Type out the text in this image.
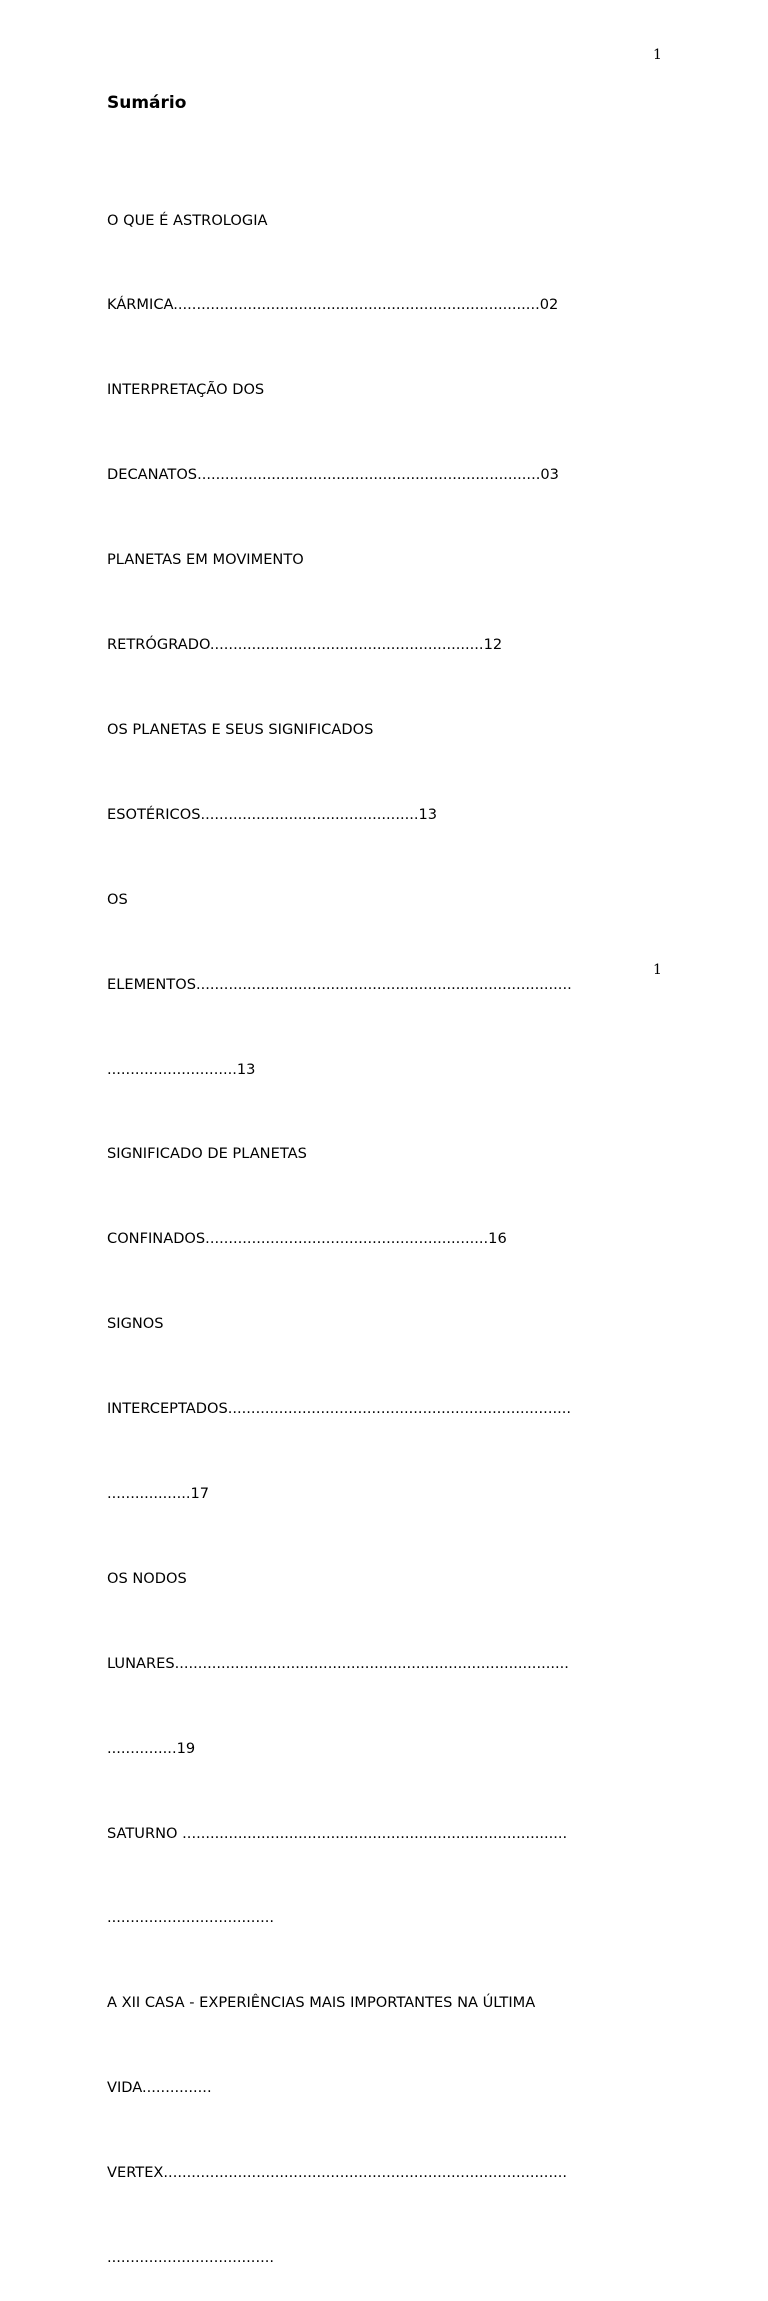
1
Sumário

O QUE É ASTROLOGIA

KÁRMICA...............................................................................02

INTERPRETAÇÃO DOS

DECANATOS..........................................................................03

PLANETAS EM MOVIMENTO

RETRÓGRADO...........................................................12

OS PLANETAS E SEUS SIGNIFICADOS

ESOTÉRICOS...............................................13

OS

ELEMENTOS.................................................................................

............................13

SIGNIFICADO DE PLANETAS

CONFINADOS.............................................................16

SIGNOS

INTERCEPTADOS..........................................................................

..................17

OS NODOS

LUNARES.....................................................................................

...............19

SATURNO ...................................................................................

....................................

A XII CASA - EXPERIÊNCIAS MAIS IMPORTANTES NA ÚLTIMA

VIDA...............

VERTEX.......................................................................................

....................................

1
